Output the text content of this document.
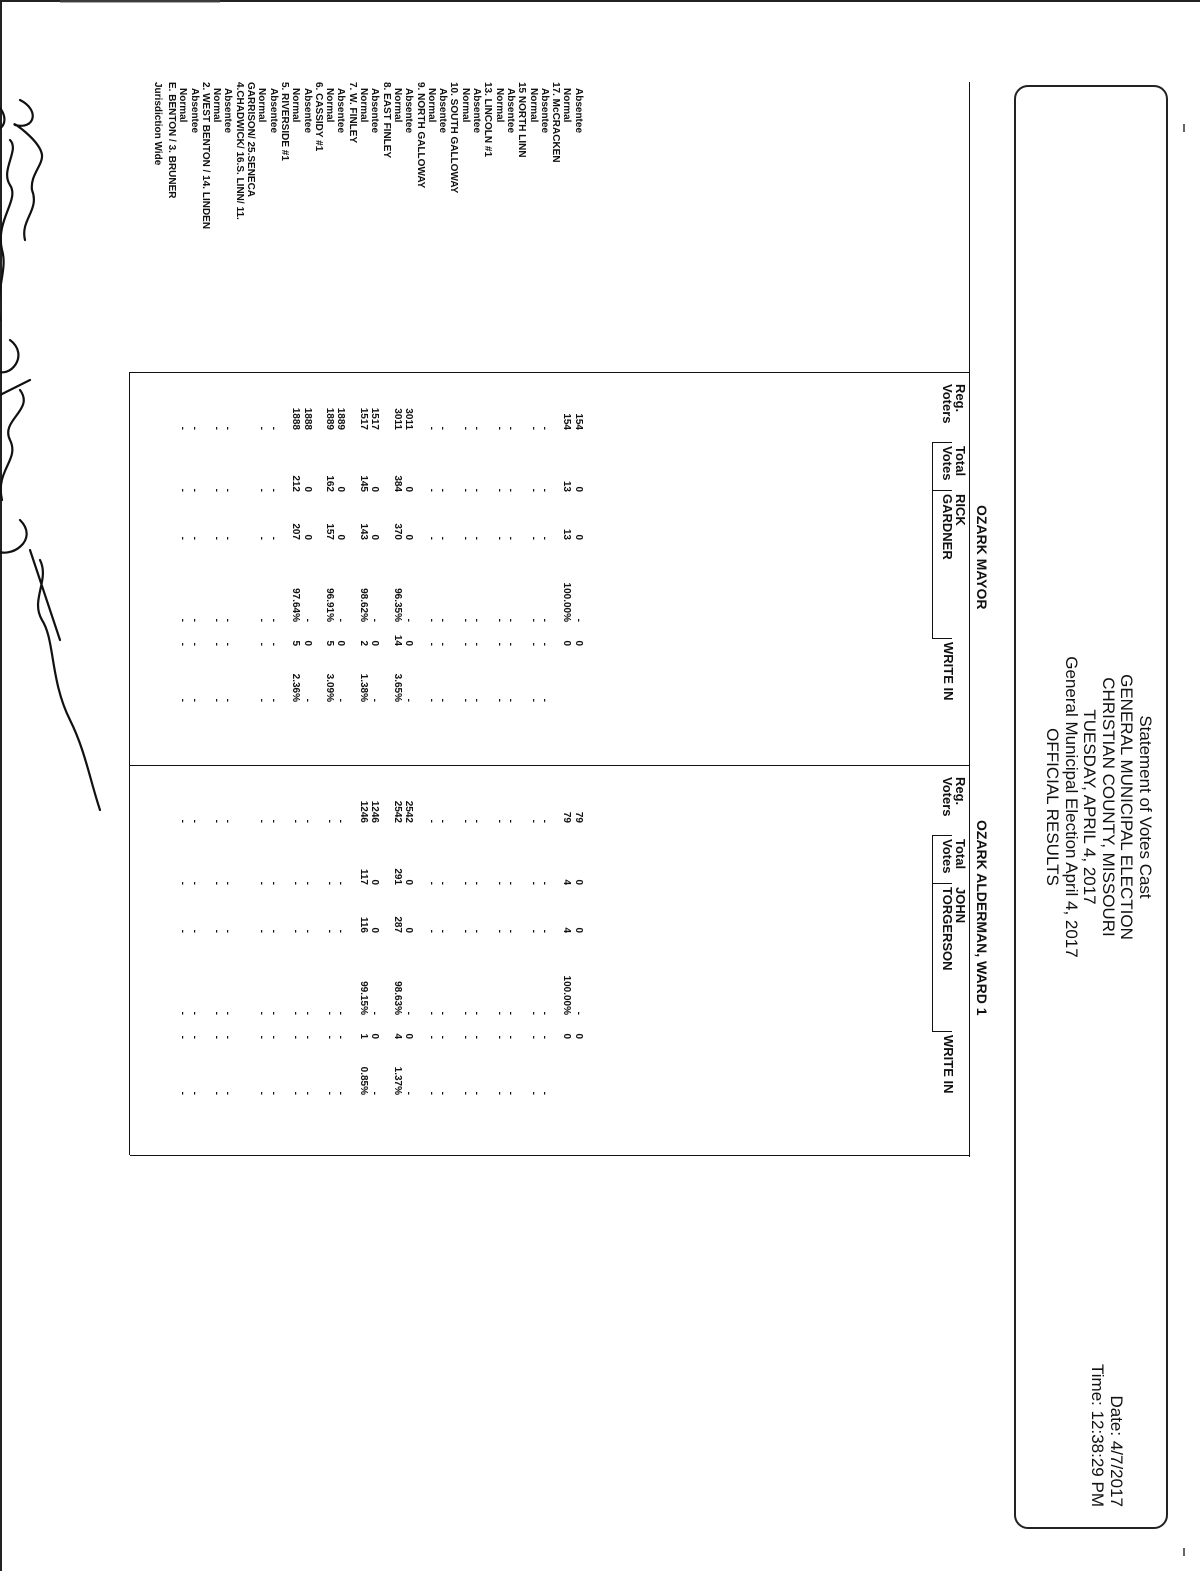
Statement of Votes Cast
GENERAL MUNICIPAL ELECTION
CHRISTIAN COUNTY, MISSOURI
TUESDAY, APRIL 4, 2017
General Municipal Election April 4, 2017
OFFICIAL RESULTS
Date: 4/7/2017
Time: 12:38:29 PM
OZARK MAYOR
OZARK ALDERMAN, WARD 1
Reg.
Voters
Total
Votes
RICK
GARDNER
WRITE IN
Reg.
Voters
Total
Votes
JOHN
TORGERSON
WRITE IN
Jurisdiction Wide E. BENTON / 3. BRUNER Normal
-
-
-
-
-
-
-
-
-
-
-
-
Absentee
-
-
-
-
-
-
-
-
-
-
-
-
2. WEST BENTON / 14. LINDEN Normal
-
-
-
-
-
-
-
-
-
-
-
-
Absentee
-
-
-
-
-
-
-
-
-
-
-
-
4.CHADWICK/ 16.S. LINN/ 11. GARRISON/ 25.SENECA Normal
-
-
-
-
-
-
-
-
-
-
-
-
Absentee
-
-
-
-
-
-
-
-
-
-
-
-
5. RIVERSIDE #1 Normal
1888
212
207
97.64%
5
2.36%
-
-
-
-
-
-
Absentee
1888
0
0
-
0
-
-
-
-
-
-
-
6. CASSIDY #1 Normal
1889
162
157
96.91%
5
3.09%
-
-
-
-
-
-
Absentee
1889
0
0
-
0
-
-
-
-
-
-
-
7. W. FINLEY Normal
1517
145
143
98.62%
2
1.38%
1246
117
116
99.15%
1
0.85%
Absentee
1517
0
0
-
0
-
1246
0
0
-
0
-
8. EAST FINLEY Normal
3011
384
370
96.35%
14
3.65%
2542
291
287
98.63%
4
1.37%
Absentee
3011
0
0
-
0
-
2542
0
0
-
0
-
9. NORTH GALLOWAY Normal
-
-
-
-
-
-
-
-
-
-
-
-
Absentee
-
-
-
-
-
-
-
-
-
-
-
-
10. SOUTH GALLOWAY Normal
-
-
-
-
-
-
-
-
-
-
-
-
Absentee
-
-
-
-
-
-
-
-
-
-
-
-
13. LINCOLN #1 Normal
-
-
-
-
-
-
-
-
-
-
-
-
Absentee
-
-
-
-
-
-
-
-
-
-
-
-
15 NORTH LINN Normal
-
-
-
-
-
-
-
-
-
-
-
-
Absentee
-
-
-
-
-
-
-
-
-
-
-
-
17. McCRACKEN Normal
154
13
13
100.00%
0
79
4
4
100.00%
0
Absentee
154
0
0
-
0
79
0
0
-
0
